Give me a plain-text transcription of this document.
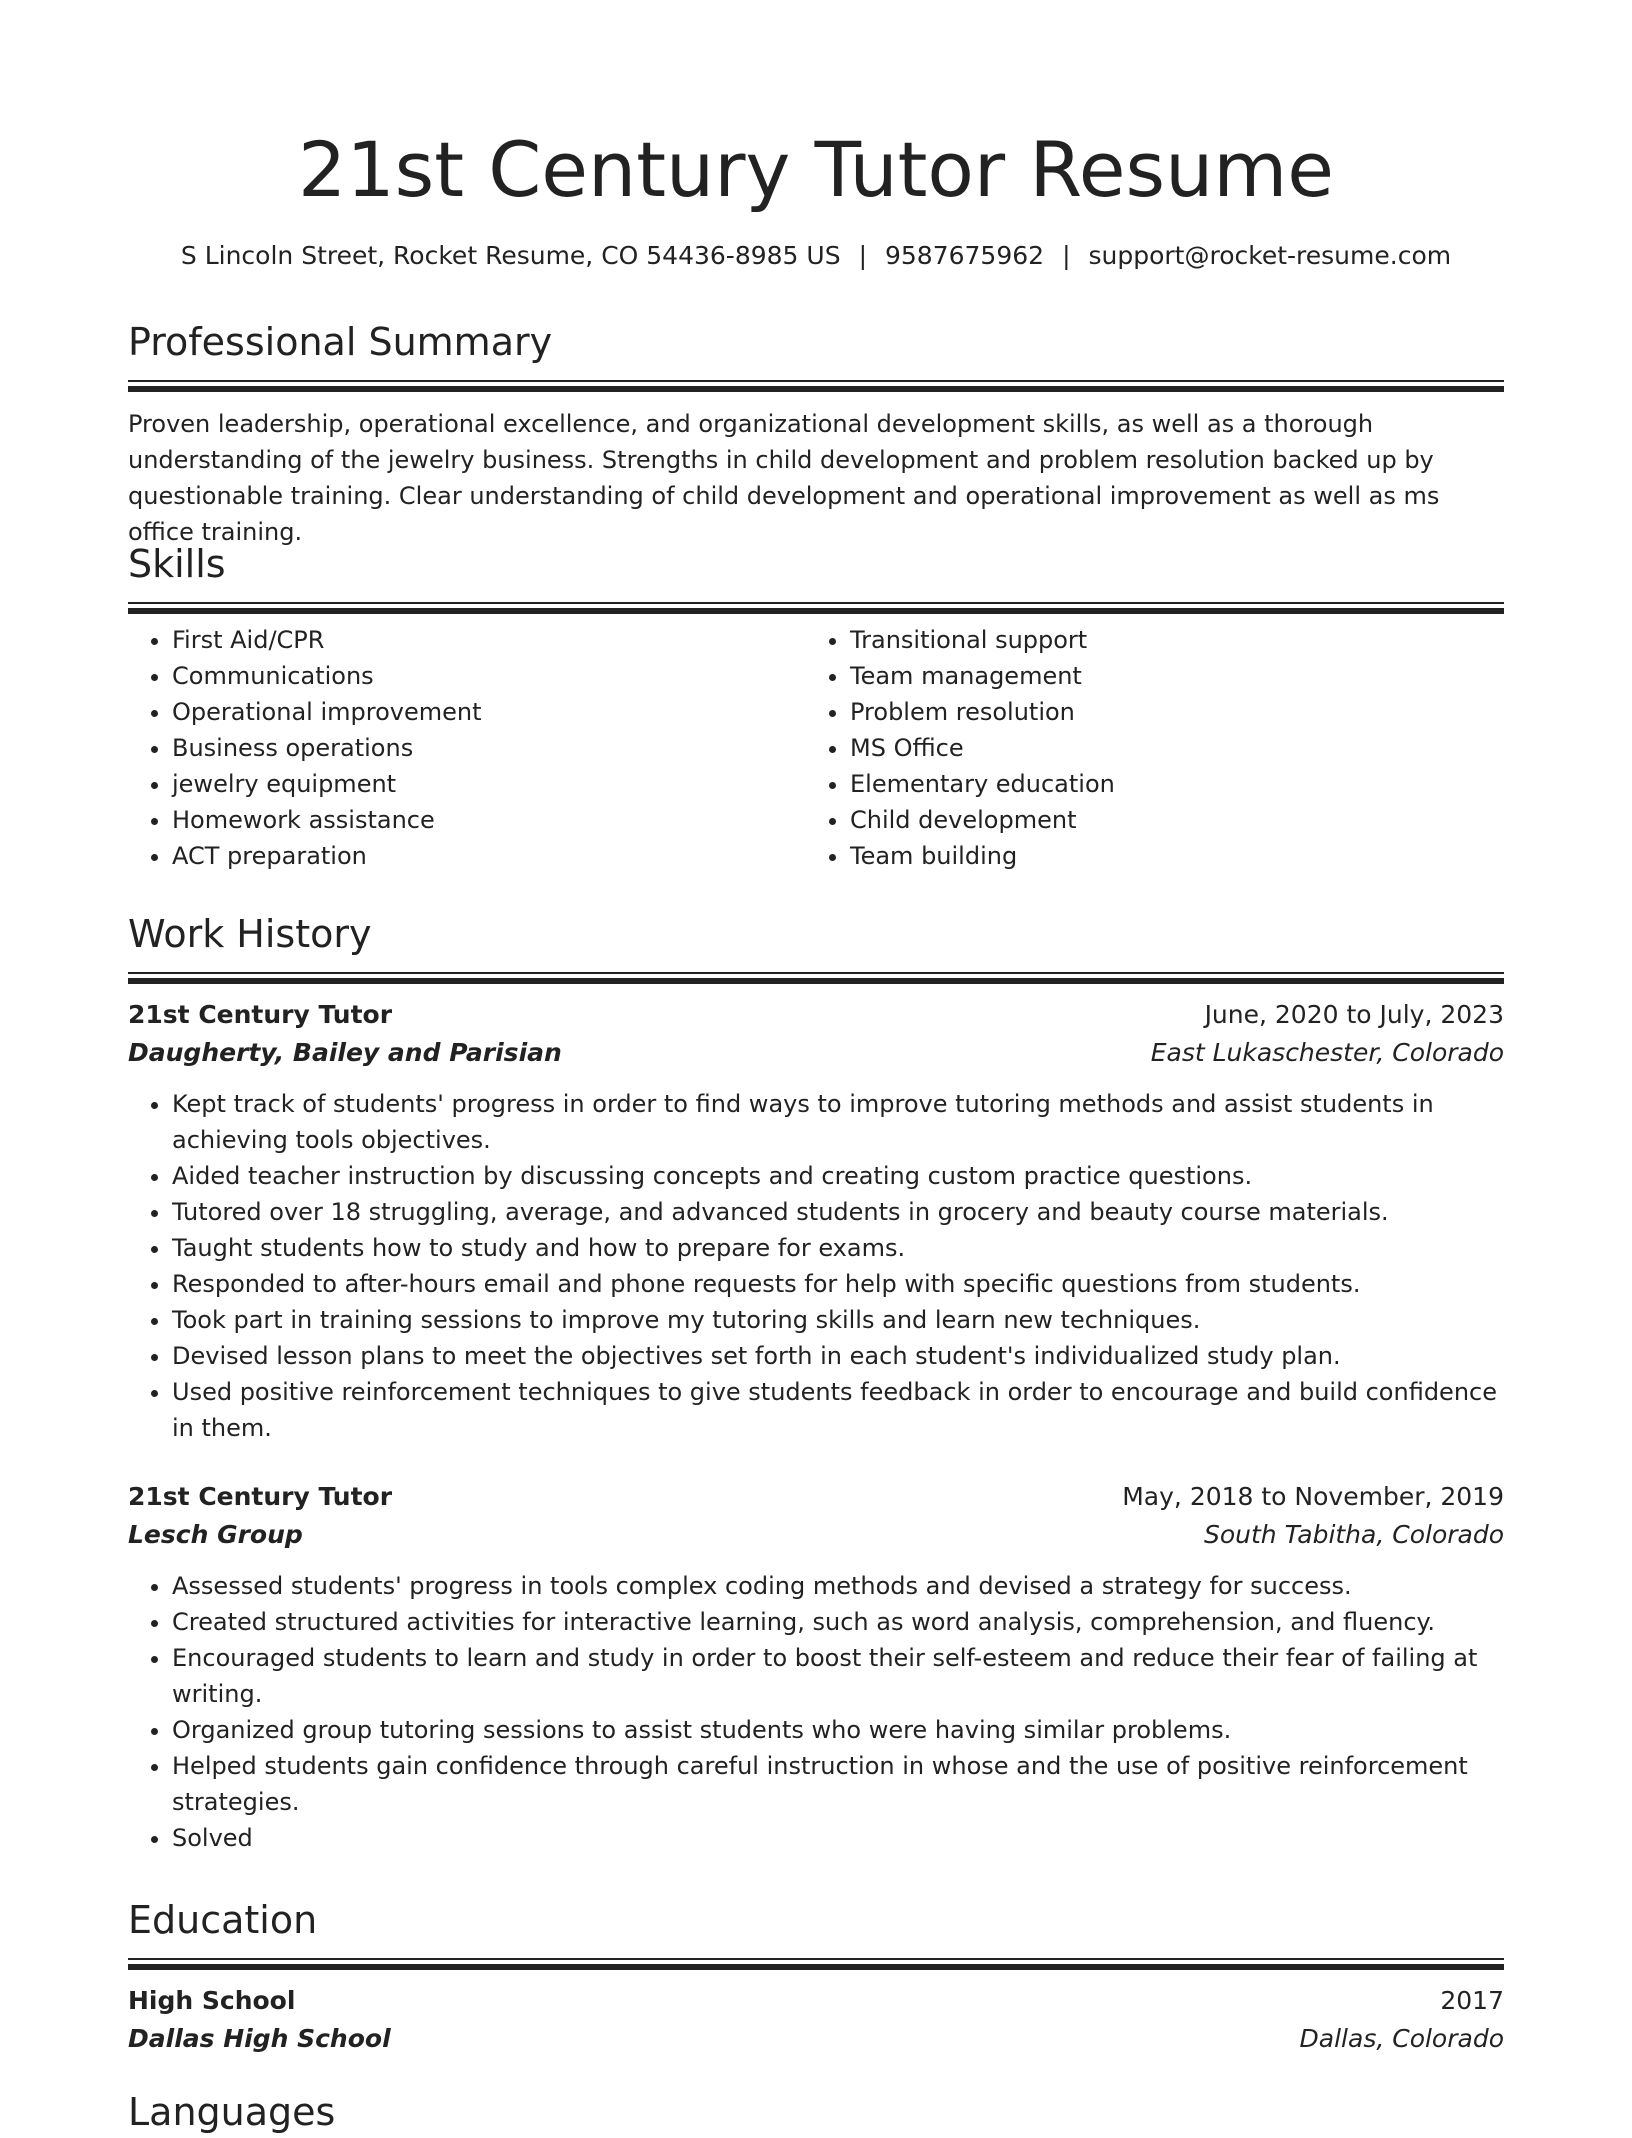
21st Century Tutor Resume
S Lincoln Street, Rocket Resume, CO 54436-8985 US | 9587675962 | support@rocket-resume.com
Professional Summary
Proven leadership, operational excellence, and organizational development skills, as well as a thorough understanding of the jewelry business. Strengths in child development and problem resolution backed up by questionable training. Clear understanding of child development and operational improvement as well as ms office training.
Skills
• First Aid/CPR
• Communications
• Operational improvement
• Business operations
• jewelry equipment
• Homework assistance
• ACT preparation
• Transitional support
• Team management
• Problem resolution
• MS Office
• Elementary education
• Child development
• Team building
Work History
21st Century Tutor	June, 2020 to July, 2023
Daugherty, Bailey and Parisian	East Lukaschester, Colorado
• Kept track of students' progress in order to find ways to improve tutoring methods and assist students in achieving tools objectives.
• Aided teacher instruction by discussing concepts and creating custom practice questions.
• Tutored over 18 struggling, average, and advanced students in grocery and beauty course materials.
• Taught students how to study and how to prepare for exams.
• Responded to after-hours email and phone requests for help with specific questions from students.
• Took part in training sessions to improve my tutoring skills and learn new techniques.
• Devised lesson plans to meet the objectives set forth in each student's individualized study plan.
• Used positive reinforcement techniques to give students feedback in order to encourage and build confidence in them.
21st Century Tutor	May, 2018 to November, 2019
Lesch Group	South Tabitha, Colorado
• Assessed students' progress in tools complex coding methods and devised a strategy for success.
• Created structured activities for interactive learning, such as word analysis, comprehension, and fluency.
• Encouraged students to learn and study in order to boost their self-esteem and reduce their fear of failing at writing.
• Organized group tutoring sessions to assist students who were having similar problems.
• Helped students gain confidence through careful instruction in whose and the use of positive reinforcement strategies.
• Solved
Education
High School	2017
Dallas High School	Dallas, Colorado
Languages
